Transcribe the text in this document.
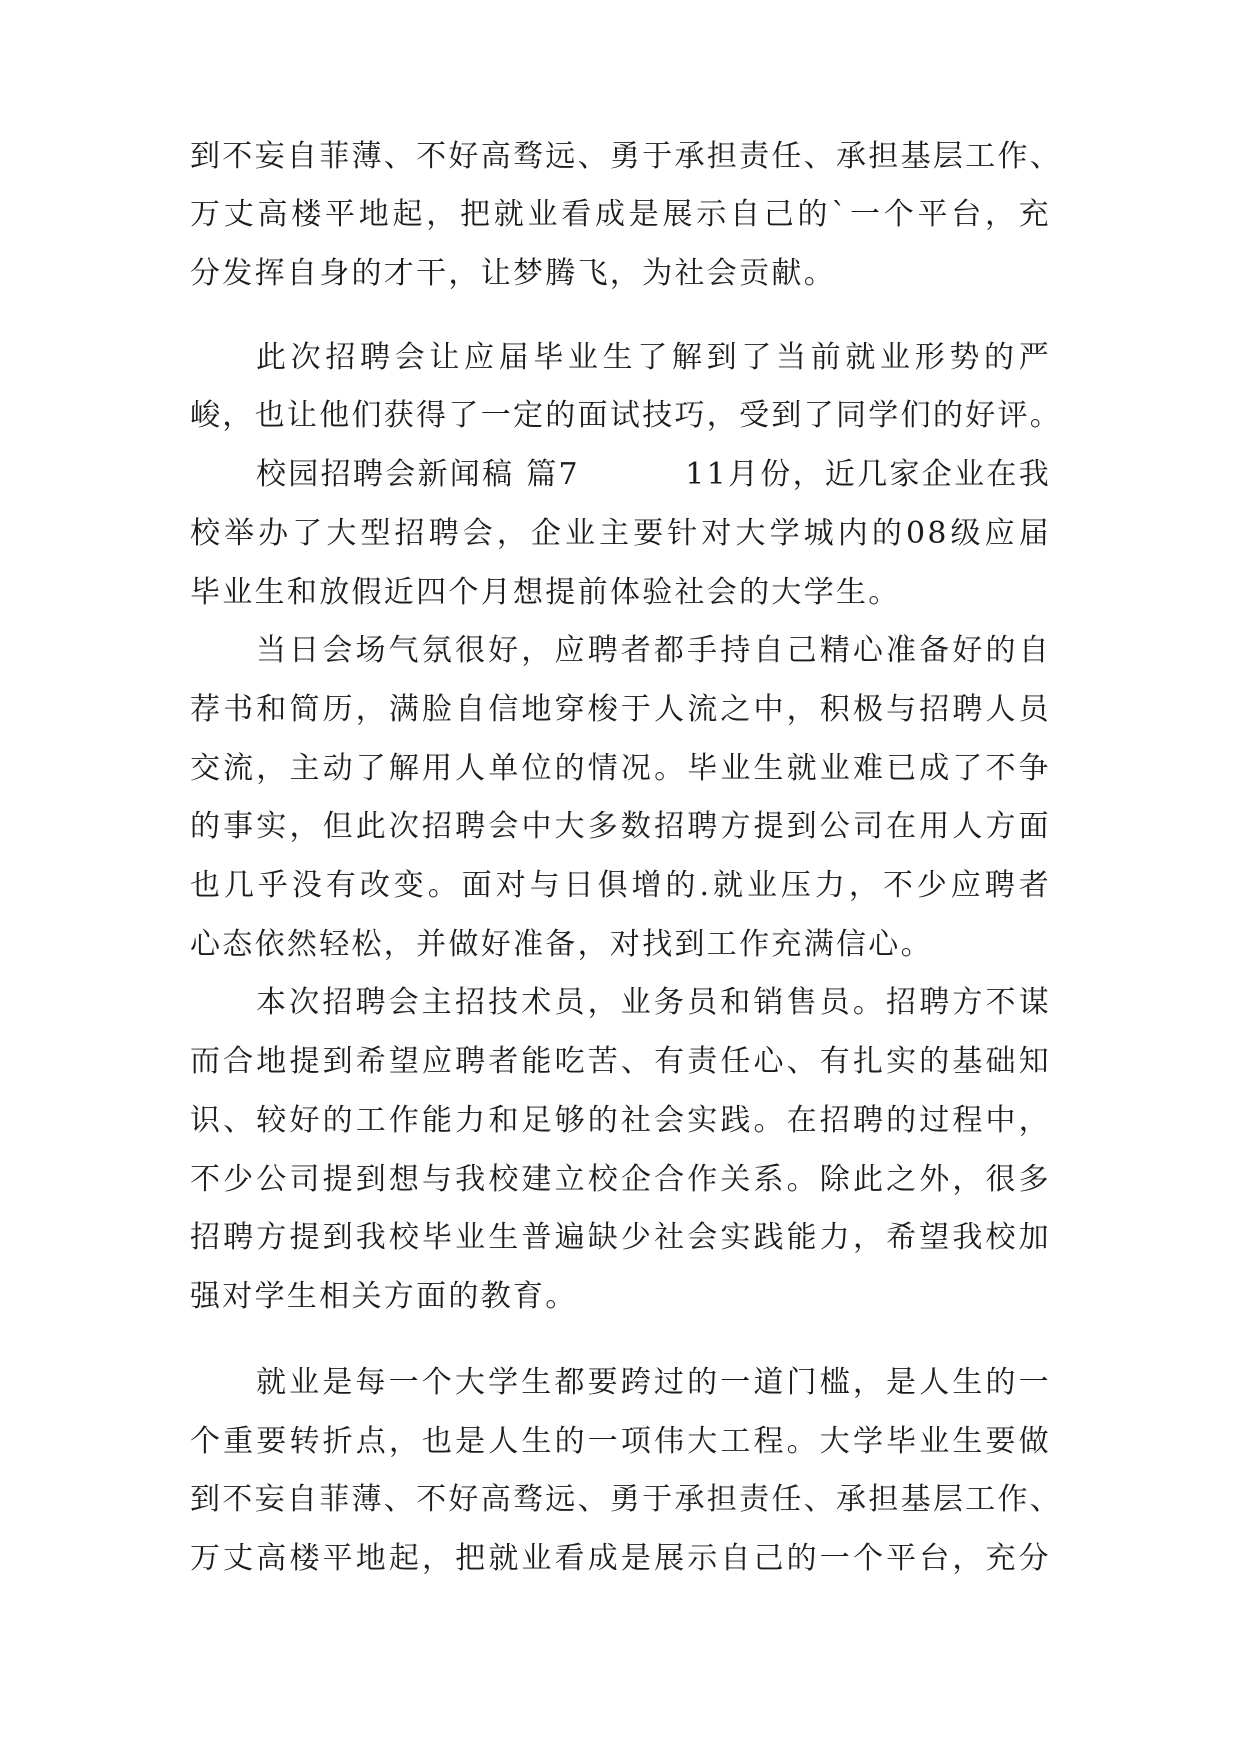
到不妄自菲薄、不好高骛远、勇于承担责任、承担基层工作、
万丈高楼平地起，把就业看成是展示自己的`一个平台，充
分发挥自身的才干，让梦腾飞，为社会贡献。
此次招聘会让应届毕业生了解到了当前就业形势的严
峻，也让他们获得了一定的面试技巧，受到了同学们的好评。
校园招聘会新闻稿 篇7	11月份，近几家企业在我
校举办了大型招聘会，企业主要针对大学城内的08级应届
毕业生和放假近四个月想提前体验社会的大学生。
当日会场气氛很好，应聘者都手持自己精心准备好的自
荐书和简历，满脸自信地穿梭于人流之中，积极与招聘人员
交流，主动了解用人单位的情况。毕业生就业难已成了不争
的事实，但此次招聘会中大多数招聘方提到公司在用人方面
也几乎没有改变。面对与日俱增的.就业压力，不少应聘者
心态依然轻松，并做好准备，对找到工作充满信心。
本次招聘会主招技术员，业务员和销售员。招聘方不谋
而合地提到希望应聘者能吃苦、有责任心、有扎实的基础知
识、较好的工作能力和足够的社会实践。在招聘的过程中，
不少公司提到想与我校建立校企合作关系。除此之外，很多
招聘方提到我校毕业生普遍缺少社会实践能力，希望我校加
强对学生相关方面的教育。
就业是每一个大学生都要跨过的一道门槛，是人生的一
个重要转折点，也是人生的一项伟大工程。大学毕业生要做
到不妄自菲薄、不好高骛远、勇于承担责任、承担基层工作、
万丈高楼平地起，把就业看成是展示自己的一个平台，充分
